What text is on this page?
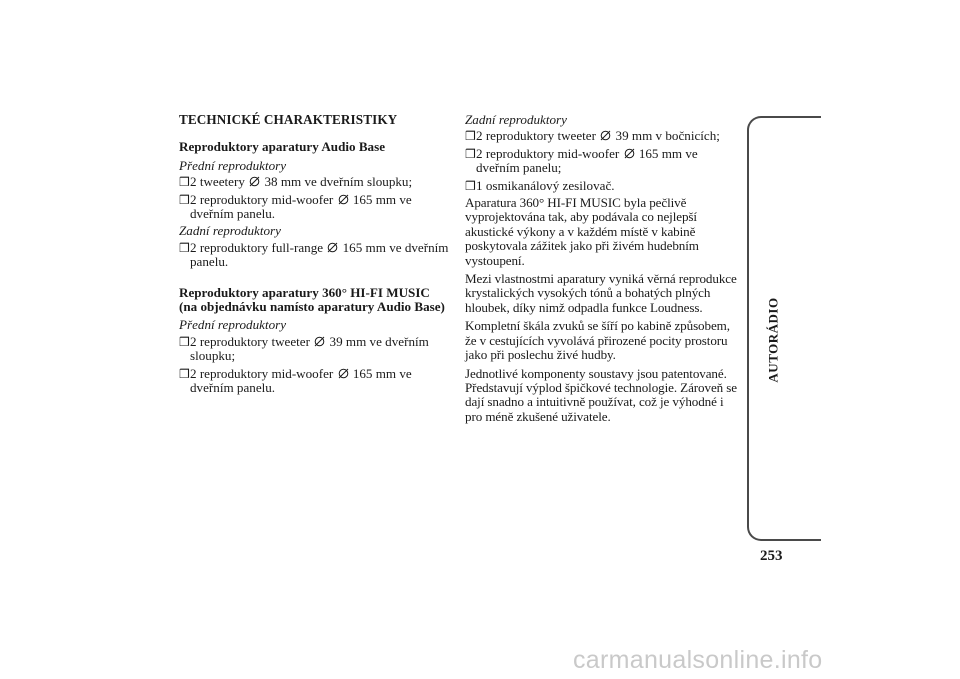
TECHNICKÉ CHARAKTERISTIKY
Reproduktory aparatury Audio Base
Přední reproduktory
❒ 2 tweetery  38 mm ve dveřním sloupku;
❒ 2 reproduktory mid-woofer  165 mm ve dveřním panelu.
Zadní reproduktory
❒ 2 reproduktory full-range  165 mm ve dveřním panelu.
Reproduktory aparatury 360° HI-FI MUSIC
(na objednávku namísto aparatury Audio Base)
Přední reproduktory
❒ 2 reproduktory tweeter  39 mm ve dveřním sloupku;
❒ 2 reproduktory mid-woofer  165 mm ve dveřním panelu.
Zadní reproduktory
❒ 2 reproduktory tweeter  39 mm v bočnicích;
❒ 2 reproduktory mid-woofer  165 mm ve dveřním panelu;
❒ 1 osmikanálový zesilovač.

Aparatura 360° HI-FI MUSIC byla pečlivě vyprojektována tak, aby podávala co nejlepší akustické výkony a v každém místě v kabině poskytovala zážitek jako při živém hudebním vystoupení.

Mezi vlastnostmi aparatury vyniká věrná reprodukce krystalických vysokých tónů a bohatých plných hloubek, díky nimž odpadla funkce Loudness.

Kompletní škála zvuků se šíří po kabině způsobem, že v cestujících vyvolává přirozené pocity prostoru jako při poslechu živé hudby.

Jednotlivé komponenty soustavy jsou patentované. Představují výplod špičkové technologie. Zároveň se dají snadno a intuitivně používat, což je výhodné i pro méně zkušené uživatele.

AUTORÁDIO
253
carmanualsonline.info
